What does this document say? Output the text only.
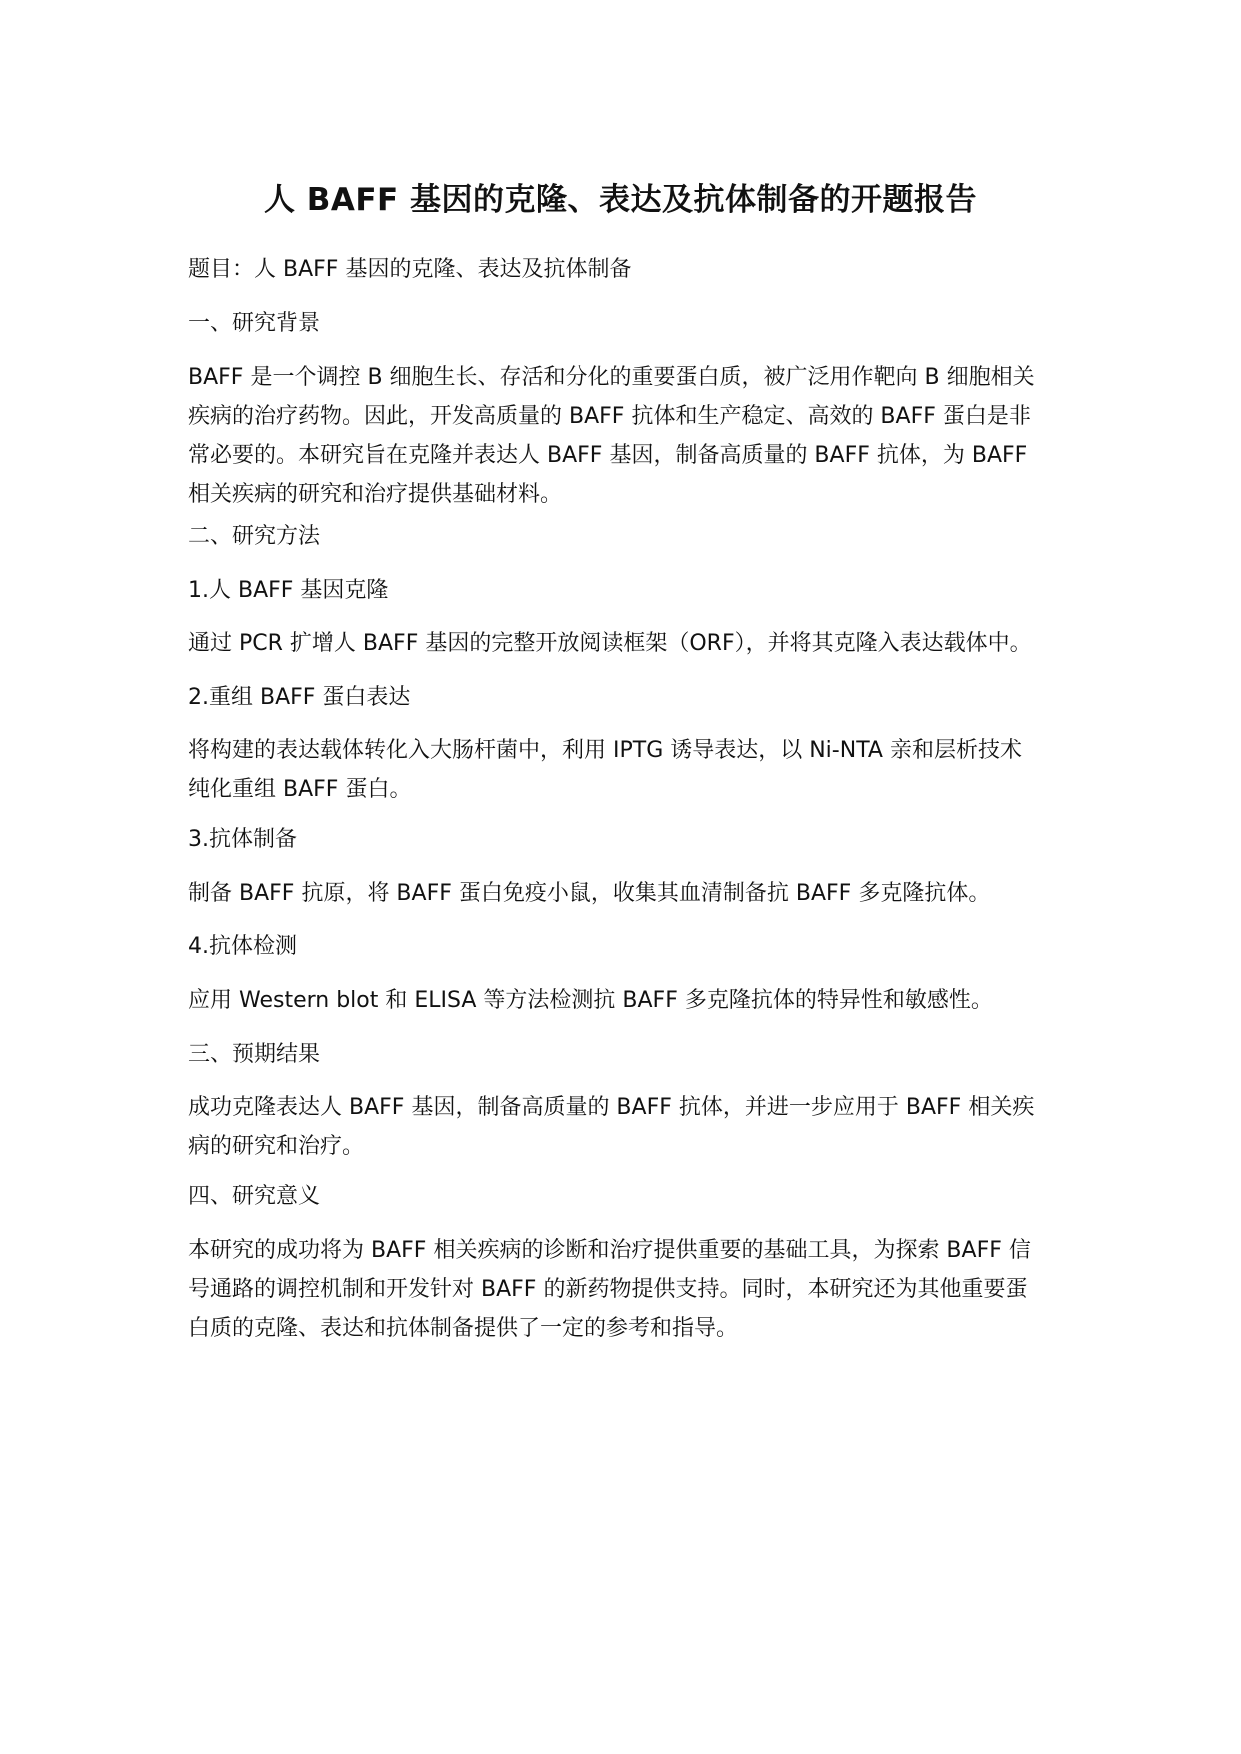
人 BAFF 基因的克隆、表达及抗体制备的开题报告

题目：人 BAFF 基因的克隆、表达及抗体制备

一、研究背景

BAFF 是一个调控 B 细胞生长、存活和分化的重要蛋白质，被广泛用作靶向 B 细胞相关
疾病的治疗药物。因此，开发高质量的 BAFF 抗体和生产稳定、高效的 BAFF 蛋白是非
常必要的。本研究旨在克隆并表达人 BAFF 基因，制备高质量的 BAFF 抗体，为 BAFF
相关疾病的研究和治疗提供基础材料。

二、研究方法

1.人 BAFF 基因克隆

通过 PCR 扩增人 BAFF 基因的完整开放阅读框架（ORF），并将其克隆入表达载体中。

2.重组 BAFF 蛋白表达

将构建的表达载体转化入大肠杆菌中，利用 IPTG 诱导表达，以 Ni-NTA 亲和层析技术
纯化重组 BAFF 蛋白。

3.抗体制备

制备 BAFF 抗原，将 BAFF 蛋白免疫小鼠，收集其血清制备抗 BAFF 多克隆抗体。

4.抗体检测

应用 Western blot 和 ELISA 等方法检测抗 BAFF 多克隆抗体的特异性和敏感性。

三、预期结果

成功克隆表达人 BAFF 基因，制备高质量的 BAFF 抗体，并进一步应用于 BAFF 相关疾
病的研究和治疗。

四、研究意义

本研究的成功将为 BAFF 相关疾病的诊断和治疗提供重要的基础工具，为探索 BAFF 信
号通路的调控机制和开发针对 BAFF 的新药物提供支持。同时，本研究还为其他重要蛋
白质的克隆、表达和抗体制备提供了一定的参考和指导。
